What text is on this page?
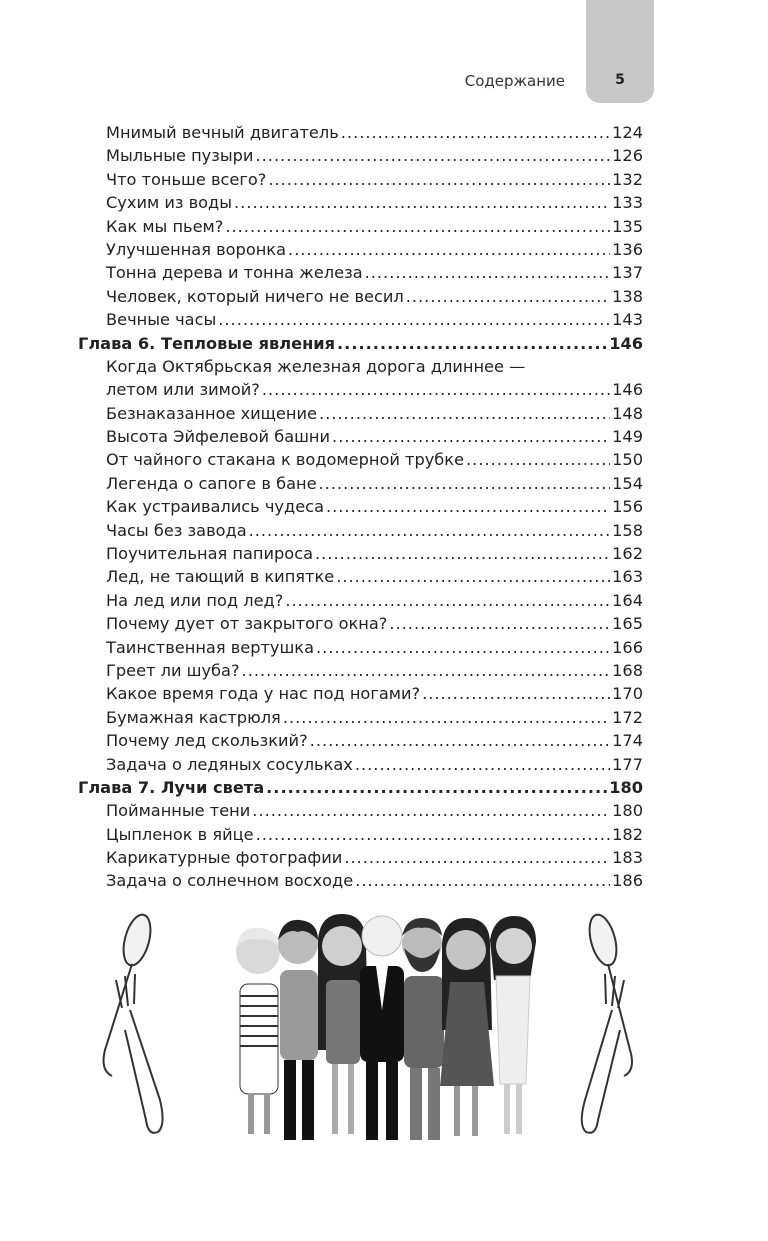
5
Содержание
Мнимый вечный двигатель .....	124
Мыльные пузыри .....	126
Что тоньше всего? .....	132
Сухим из воды .....	133
Как мы пьем? .....	135
Улучшенная воронка .....	136
Тонна дерева и тонна железа .....	137
Человек, который ничего не весил .....	138
Вечные часы .....	143
Глава 6. Тепловые явления .....	146
Когда Октябрьская железная дорога длиннее —
летом или зимой? .....	146
Безнаказанное хищение .....	148
Высота Эйфелевой башни .....	149
От чайного стакана к водомерной трубке .....	150
Легенда о сапоге в бане .....	154
Как устраивались чудеса .....	156
Часы без завода .....	158
Поучительная папироса .....	162
Лед, не тающий в кипятке .....	163
На лед или под лед? .....	164
Почему дует от закрытого окна? .....	165
Таинственная вертушка .....	166
Греет ли шуба? .....	168
Какое время года у нас под ногами? .....	170
Бумажная кастрюля .....	172
Почему лед скользкий? .....	174
Задача о ледяных сосульках .....	177
Глава 7. Лучи света .....	180
Пойманные тени .....	180
Цыпленок в яйце .....	182
Карикатурные фотографии .....	183
Задача о солнечном восходе .....	186
